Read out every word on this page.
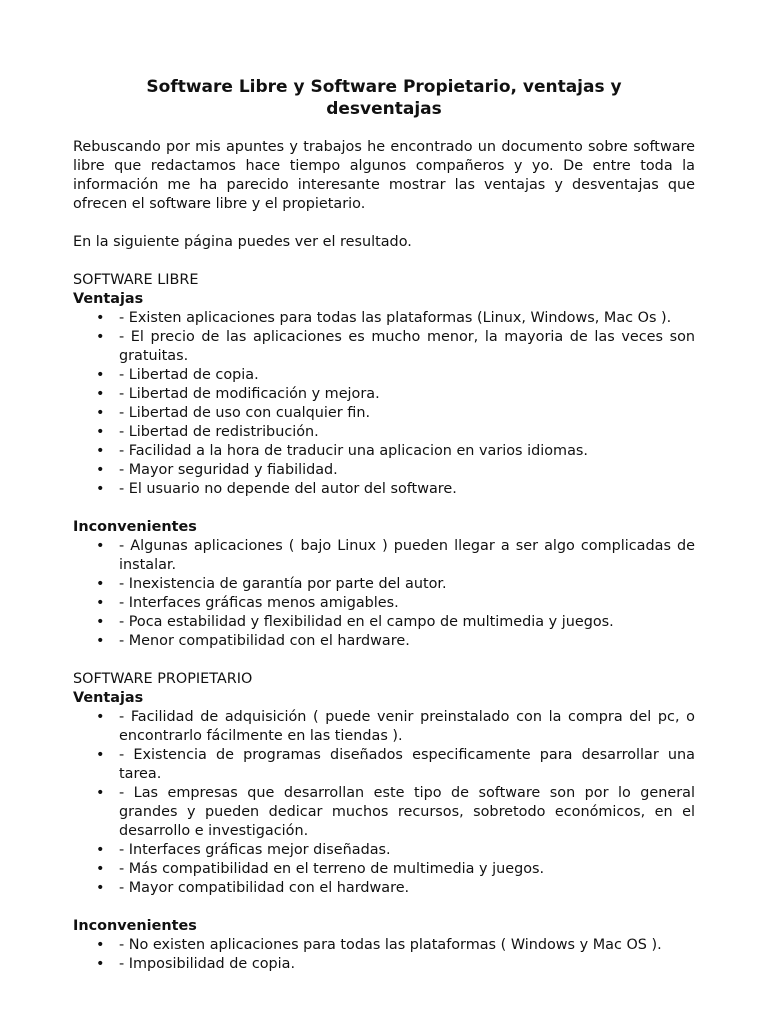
Software Libre y Software Propietario, ventajas y desventajas

Rebuscando por mis apuntes y trabajos he encontrado un documento sobre software libre que redactamos hace tiempo algunos compañeros y yo. De entre toda la información me ha parecido interesante mostrar las ventajas y desventajas que ofrecen el software libre y el propietario.

En la siguiente página puedes ver el resultado.

SOFTWARE LIBRE
Ventajas
• - Existen aplicaciones para todas las plataformas (Linux, Windows, Mac Os ).
• - El precio de las aplicaciones es mucho menor, la mayoria de las veces son gratuitas.
• - Libertad de copia.
• - Libertad de modificación y mejora.
• - Libertad de uso con cualquier fin.
• - Libertad de redistribución.
• - Facilidad a la hora de traducir una aplicacion en varios idiomas.
• - Mayor seguridad y fiabilidad.
• - El usuario no depende del autor del software.
Inconvenientes
• - Algunas aplicaciones ( bajo Linux ) pueden llegar a ser algo complicadas de instalar.
• - Inexistencia de garantía por parte del autor.
• - Interfaces gráficas menos amigables.
• - Poca estabilidad y flexibilidad en el campo de multimedia y juegos.
• - Menor compatibilidad con el hardware.
SOFTWARE PROPIETARIO
Ventajas
• - Facilidad de adquisición ( puede venir preinstalado con la compra del pc, o encontrarlo fácilmente en las tiendas ).
• - Existencia de programas diseñados especificamente para desarrollar una tarea.
• - Las empresas que desarrollan este tipo de software son por lo general grandes y pueden dedicar muchos recursos, sobretodo económicos, en el desarrollo e investigación.
• - Interfaces gráficas mejor diseñadas.
• - Más compatibilidad en el terreno de multimedia y juegos.
• - Mayor compatibilidad con el hardware.
Inconvenientes
• - No existen aplicaciones para todas las plataformas ( Windows y Mac OS ).
• - Imposibilidad de copia.
